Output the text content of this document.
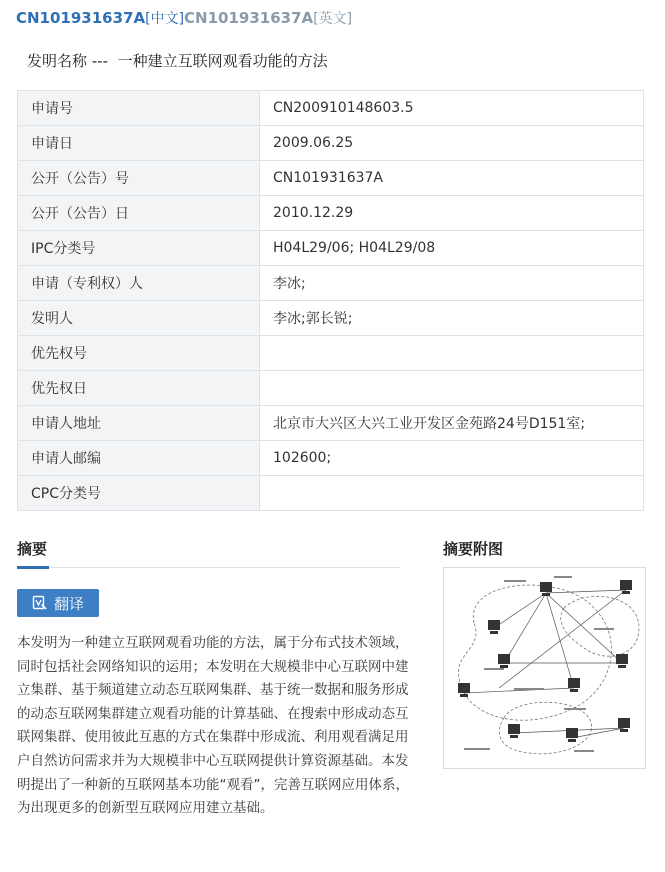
CN101931637A[中文]CN101931637A[英文]
发明名称 --- 一种建立互联网观看功能的方法
申请号	CN200910148603.5
申请日	2009.06.25
公开（公告）号	CN101931637A
公开（公告）日	2010.12.29
IPC分类号	H04L29/06; H04L29/08
申请（专利权）人	李冰;
发明人	李冰;郭长锐;
优先权号	
优先权日	
申请人地址	北京市大兴区大兴工业开发区金苑路24号D151室;
申请人邮编	102600;
CPC分类号	
摘要
翻译
本发明为一种建立互联网观看功能的方法，属于分布式技术领域，同时包括社会网络知识的运用；本发明在大规模非中心互联网中建立集群、基于频道建立动态互联网集群、基于统一数据和服务形成的动态互联网集群建立观看功能的计算基础、在搜索中形成动态互联网集群、使用彼此互惠的方式在集群中形成流、利用观看满足用户自然访问需求并为大规模非中心互联网提供计算资源基础。本发明提出了一种新的互联网基本功能“观看”，完善互联网应用体系，为出现更多的创新型互联网应用建立基础。
摘要附图
